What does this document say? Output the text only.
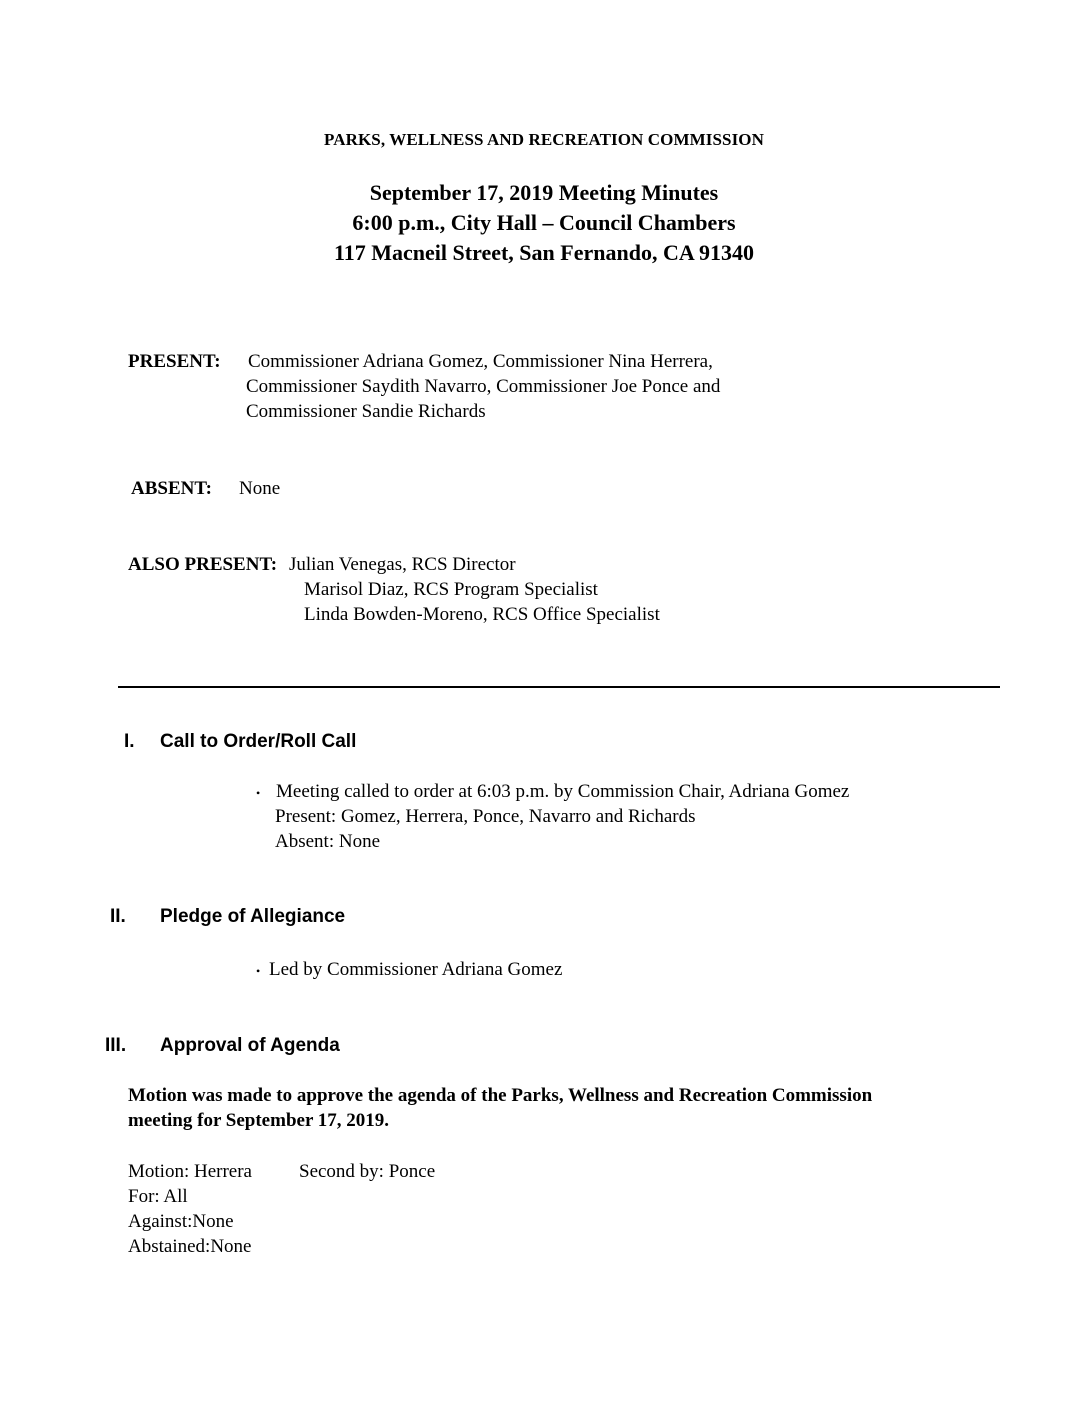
PARKS, WELLNESS AND RECREATION COMMISSION
September 17, 2019 Meeting Minutes
6:00 p.m., City Hall – Council Chambers
117 Macneil Street, San Fernando, CA 91340
PRESENT: Commissioner Adriana Gomez, Commissioner Nina Herrera,
Commissioner Saydith Navarro, Commissioner Joe Ponce and
Commissioner Sandie Richards
ABSENT: None
ALSO PRESENT: Julian Venegas, RCS Director
Marisol Diaz, RCS Program Specialist
Linda Bowden-Moreno, RCS Office Specialist
I. Call to Order/Roll Call
• Meeting called to order at 6:03 p.m. by Commission Chair, Adriana Gomez
Present: Gomez, Herrera, Ponce, Navarro and Richards
Absent: None
II. Pledge of Allegiance
• Led by Commissioner Adriana Gomez
III. Approval of Agenda
Motion was made to approve the agenda of the Parks, Wellness and Recreation Commission
meeting for September 17, 2019.
Motion: Herrera Second by: Ponce
For: All
Against:None
Abstained:None
